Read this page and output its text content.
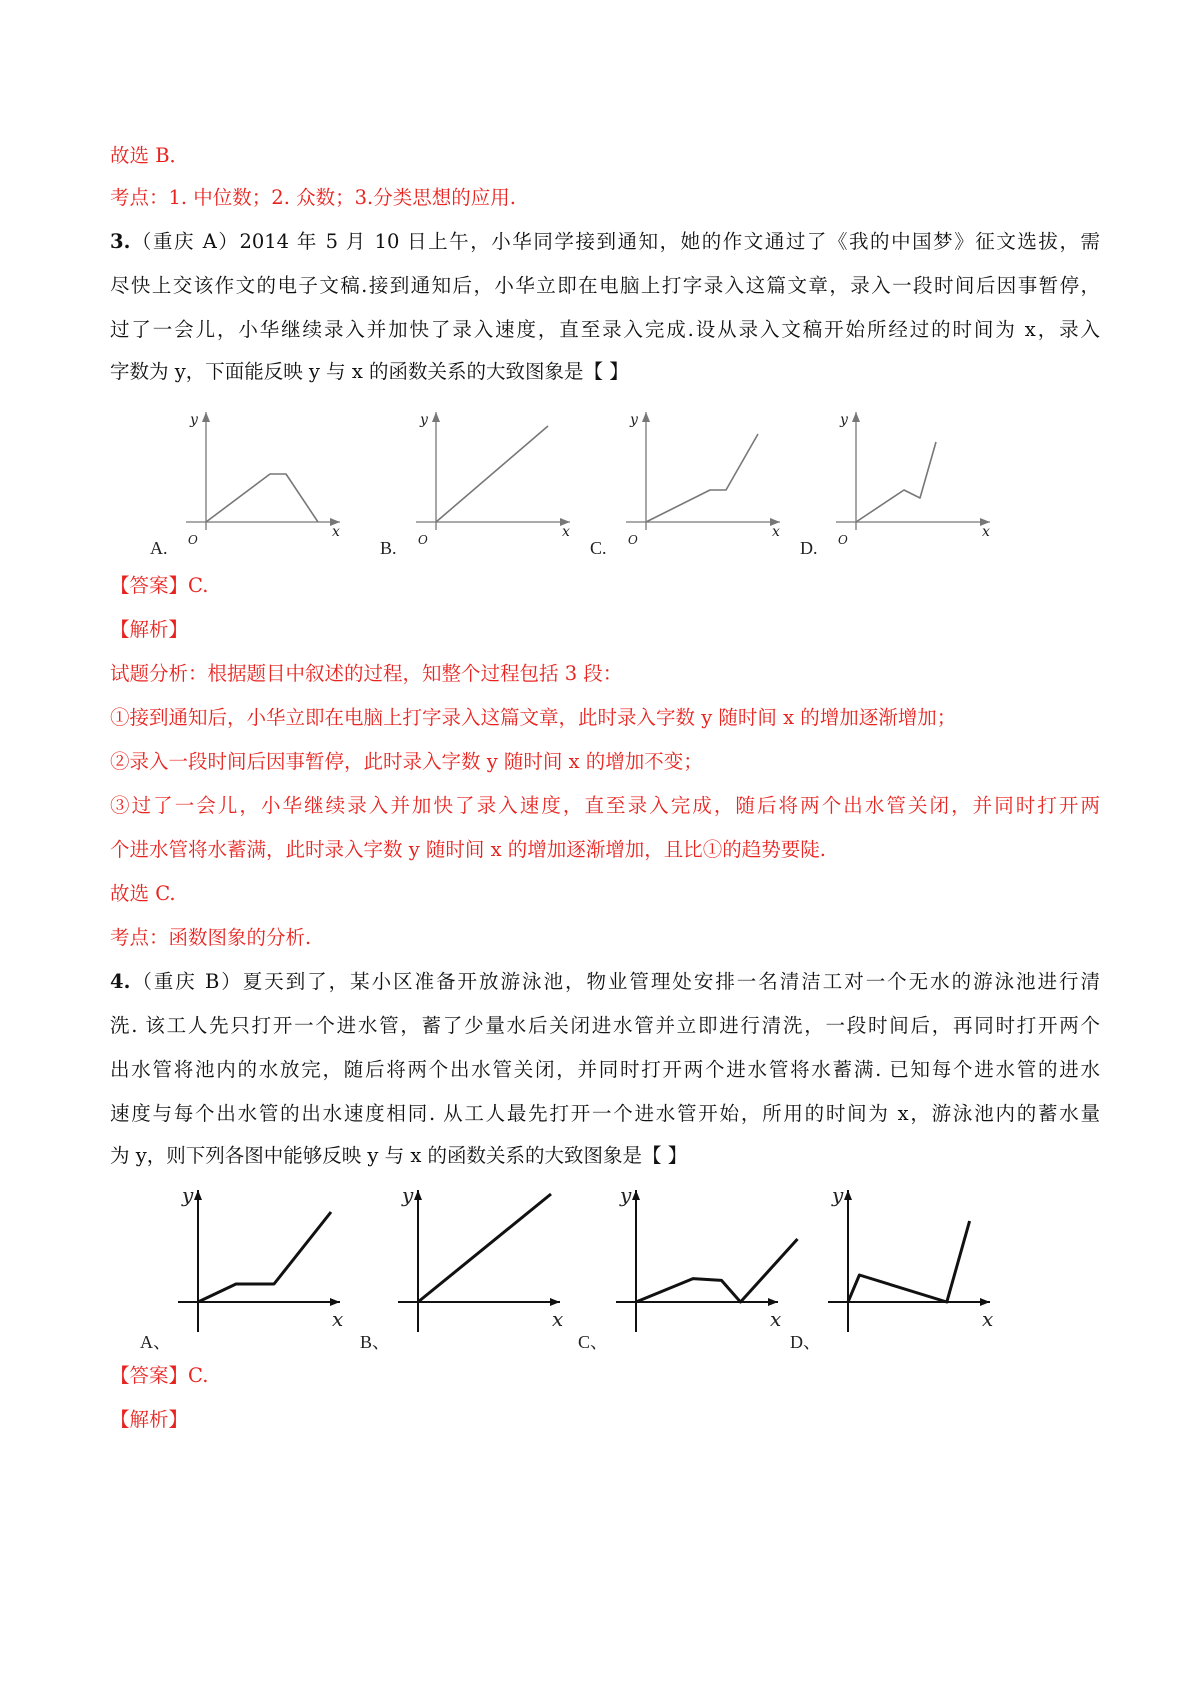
故选 B．
考点：1. 中位数；2. 众数；3.分类思想的应用.
3.（重庆 A）2014 年 5 月 10 日上午，小华同学接到通知，她的作文通过了《我的中国梦》征文选拔，需
尽快上交该作文的电子文稿.接到通知后，小华立即在电脑上打字录入这篇文章，录入一段时间后因事暂停，
过了一会儿，小华继续录入并加快了录入速度，直至录入完成.设从录入文稿开始所经过的时间为 x，录入
字数为 y，下面能反映 y 与 x 的函数关系的大致图象是【 】
x
y
O
A.
x
y
O
B.
x
y
O
C.
x
y
O
D.
【答案】C.
【解析】
试题分析：根据题目中叙述的过程，知整个过程包括 3 段：
①接到通知后，小华立即在电脑上打字录入这篇文章，此时录入字数 y 随时间 x 的增加逐渐增加；
②录入一段时间后因事暂停，此时录入字数 y 随时间 x 的增加不变；
③过了一会儿，小华继续录入并加快了录入速度，直至录入完成，随后将两个出水管关闭，并同时打开两
个进水管将水蓄满，此时录入字数 y 随时间 x 的增加逐渐增加，且比①的趋势要陡.
故选 C.
考点：函数图象的分析.
4.（重庆 B）夏天到了，某小区准备开放游泳池，物业管理处安排一名清洁工对一个无水的游泳池进行清
洗. 该工人先只打开一个进水管，蓄了少量水后关闭进水管并立即进行清洗，一段时间后，再同时打开两个
出水管将池内的水放完，随后将两个出水管关闭，并同时打开两个进水管将水蓄满. 已知每个进水管的进水
速度与每个出水管的出水速度相同. 从工人最先打开一个进水管开始，所用的时间为 x，游泳池内的蓄水量
为 y，则下列各图中能够反映 y 与 x 的函数关系的大致图象是【 】
x
y
A、
x
y
B、
x
y
C、
x
y
D、
【答案】C.
【解析】
